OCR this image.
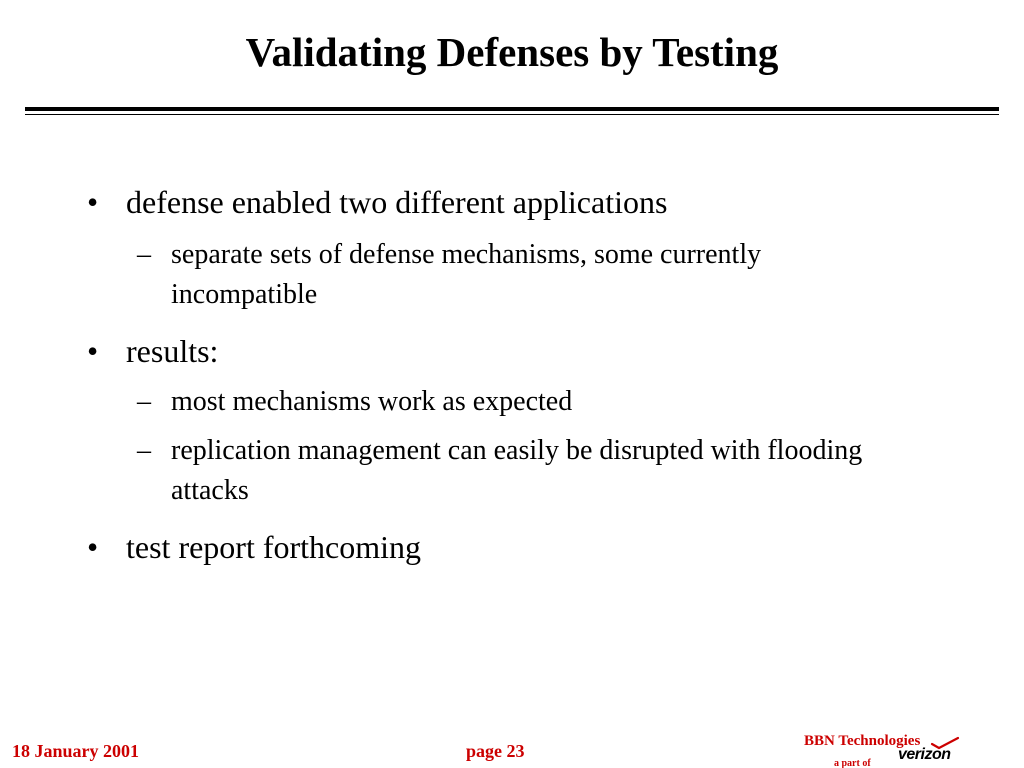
Validating Defenses by Testing
• defense enabled two different applications
– separate sets of defense mechanisms, some currently incompatible
• results:
– most mechanisms work as expected
– replication management can easily be disrupted with flooding attacks
• test report forthcoming
18 January 2001	page 23	BBN Technologies
a part of
verizon
